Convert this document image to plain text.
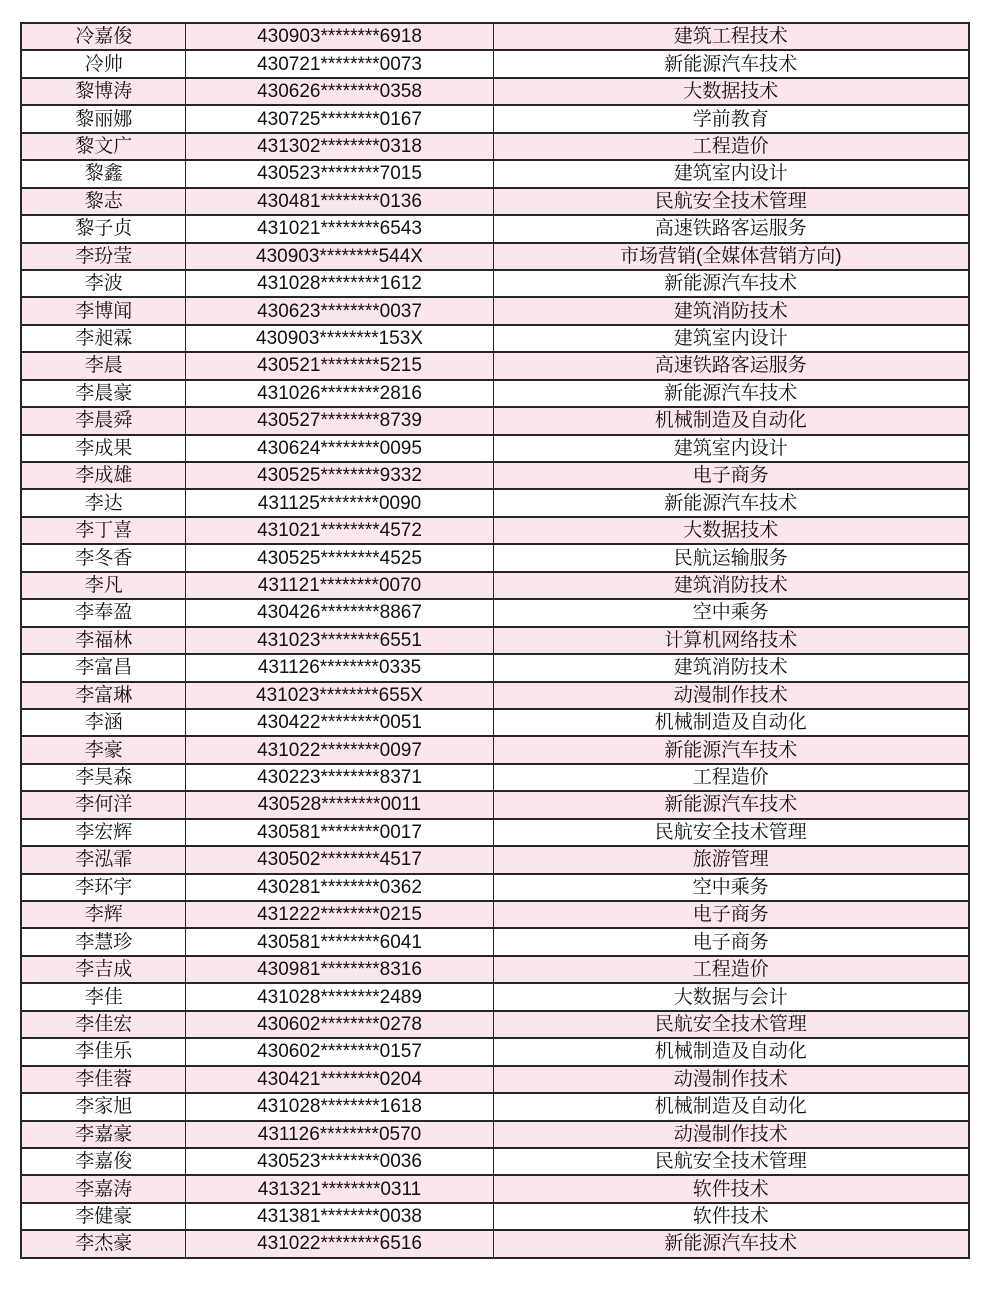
冷嘉俊	430903********6918	建筑工程技术
冷帅	430721********0073	新能源汽车技术
黎博涛	430626********0358	大数据技术
黎丽娜	430725********0167	学前教育
黎文广	431302********0318	工程造价
黎鑫	430523********7015	建筑室内设计
黎志	430481********0136	民航安全技术管理
黎子贞	431021********6543	高速铁路客运服务
李玢莹	430903********544X	市场营销(全媒体营销方向)
李波	431028********1612	新能源汽车技术
李博闻	430623********0037	建筑消防技术
李昶霖	430903********153X	建筑室内设计
李晨	430521********5215	高速铁路客运服务
李晨豪	431026********2816	新能源汽车技术
李晨舜	430527********8739	机械制造及自动化
李成果	430624********0095	建筑室内设计
李成雄	430525********9332	电子商务
李达	431125********0090	新能源汽车技术
李丁喜	431021********4572	大数据技术
李冬香	430525********4525	民航运输服务
李凡	431121********0070	建筑消防技术
李奉盈	430426********8867	空中乘务
李福林	431023********6551	计算机网络技术
李富昌	431126********0335	建筑消防技术
李富琳	431023********655X	动漫制作技术
李涵	430422********0051	机械制造及自动化
李豪	431022********0097	新能源汽车技术
李昊森	430223********8371	工程造价
李何洋	430528********0011	新能源汽车技术
李宏辉	430581********0017	民航安全技术管理
李泓霏	430502********4517	旅游管理
李环宇	430281********0362	空中乘务
李辉	431222********0215	电子商务
李慧珍	430581********6041	电子商务
李吉成	430981********8316	工程造价
李佳	431028********2489	大数据与会计
李佳宏	430602********0278	民航安全技术管理
李佳乐	430602********0157	机械制造及自动化
李佳蓉	430421********0204	动漫制作技术
李家旭	431028********1618	机械制造及自动化
李嘉豪	431126********0570	动漫制作技术
李嘉俊	430523********0036	民航安全技术管理
李嘉涛	431321********0311	软件技术
李健豪	431381********0038	软件技术
李杰豪	431022********6516	新能源汽车技术
